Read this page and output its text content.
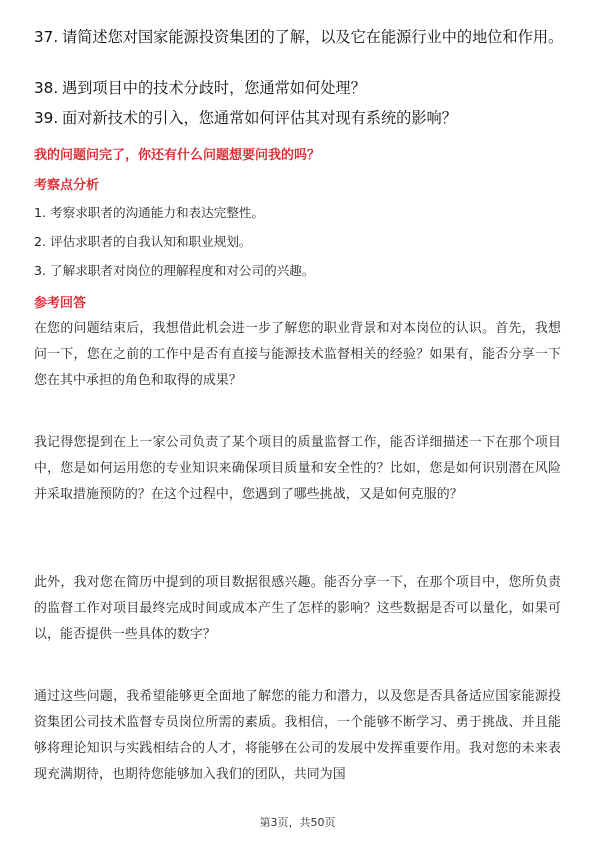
37. 请简述您对国家能源投资集团的了解，以及它在能源行业中的地位和作用。
38. 遇到项目中的技术分歧时，您通常如何处理？
39. 面对新技术的引入，您通常如何评估其对现有系统的影响？
我的问题问完了，你还有什么问题想要问我的吗？
考察点分析
1. 考察求职者的沟通能力和表达完整性。
2. 评估求职者的自我认知和职业规划。
3. 了解求职者对岗位的理解程度和对公司的兴趣。
参考回答
在您的问题结束后，我想借此机会进一步了解您的职业背景和对本岗位的认识。首先，我想问一下，您在之前的工作中是否有直接与能源技术监督相关的经验？如果有，能否分享一下您在其中承担的角色和取得的成果？
我记得您提到在上一家公司负责了某个项目的质量监督工作，能否详细描述一下在那个项目中，您是如何运用您的专业知识来确保项目质量和安全性的？比如，您是如何识别潜在风险并采取措施预防的？在这个过程中，您遇到了哪些挑战，又是如何克服的？
此外，我对您在简历中提到的项目数据很感兴趣。能否分享一下，在那个项目中，您所负责的监督工作对项目最终完成时间或成本产生了怎样的影响？这些数据是否可以量化，如果可以，能否提供一些具体的数字？
通过这些问题，我希望能够更全面地了解您的能力和潜力，以及您是否具备适应国家能源投资集团公司技术监督专员岗位所需的素质。我相信，一个能够不断学习、勇于挑战、并且能够将理论知识与实践相结合的人才，将能够在公司的发展中发挥重要作用。我对您的未来表现充满期待，也期待您能够加入我们的团队，共同为国
第3页，共50页
